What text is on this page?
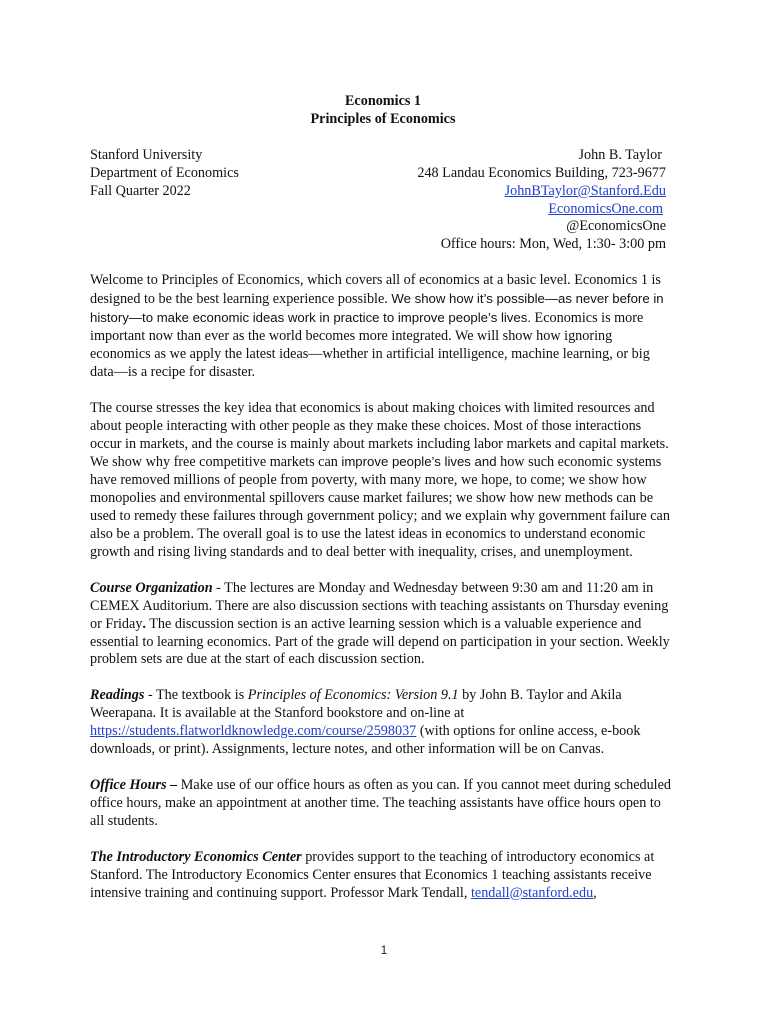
Economics 1

Principles of Economics

Stanford University
Department of Economics
Fall Quarter 2022
John B. Taylor
248 Landau Economics Building, 723-9677
JohnBTaylor@Stanford.Edu
EconomicsOne.com
@EconomicsOne
Office hours: Mon, Wed, 1:30- 3:00 pm

Welcome to Principles of Economics, which covers all of economics at a basic level. Economics 1 is designed to be the best learning experience possible. We show how it’s possible—as never before in history—to make economic ideas work in practice to improve people’s lives. Economics is more important now than ever as the world becomes more integrated. We will show how ignoring economics as we apply the latest ideas—whether in artificial intelligence, machine learning, or big data—is a recipe for disaster.

The course stresses the key idea that economics is about making choices with limited resources and about people interacting with other people as they make these choices. Most of those interactions occur in markets, and the course is mainly about markets including labor markets and capital markets. We show why free competitive markets can improve people’s lives and how such economic systems have removed millions of people from poverty, with many more, we hope, to come; we show how monopolies and environmental spillovers cause market failures; we show how new methods can be used to remedy these failures through government policy; and we explain why government failure can also be a problem. The overall goal is to use the latest ideas in economics to understand economic growth and rising living standards and to deal better with inequality, crises, and unemployment.

Course Organization - The lectures are Monday and Wednesday between 9:30 am and 11:20 am in CEMEX Auditorium. There are also discussion sections with teaching assistants on Thursday evening or Friday. The discussion section is an active learning session which is a valuable experience and essential to learning economics. Part of the grade will depend on participation in your section. Weekly problem sets are due at the start of each discussion section.

Readings - The textbook is Principles of Economics: Version 9.1 by John B. Taylor and Akila Weerapana. It is available at the Stanford bookstore and on-line at https://students.flatworldknowledge.com/course/2598037 (with options for online access, e-book downloads, or print). Assignments, lecture notes, and other information will be on Canvas.

Office Hours – Make use of our office hours as often as you can. If you cannot meet during scheduled office hours, make an appointment at another time. The teaching assistants have office hours open to all students.

The Introductory Economics Center provides support to the teaching of introductory economics at Stanford. The Introductory Economics Center ensures that Economics 1 teaching assistants receive intensive training and continuing support. Professor Mark Tendall, tendall@stanford.edu,

1
